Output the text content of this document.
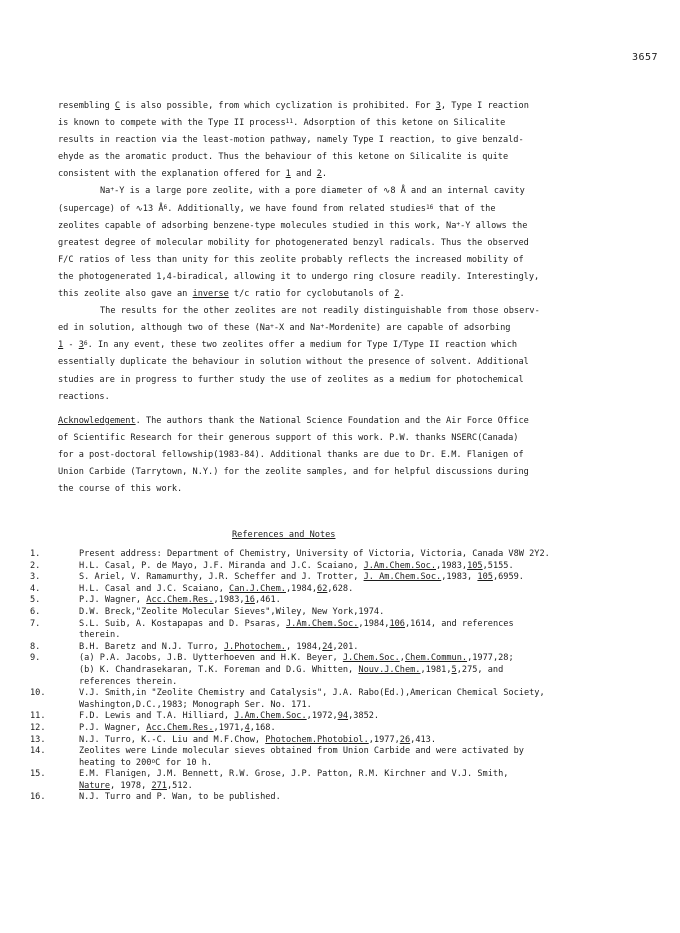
3657
resembling C is also possible, from which cyclization is prohibited. For 3, Type I reaction
is known to compete with the Type II process$^{11}$. Adsorption of this ketone on Silicalite
results in reaction via the least-motion pathway, namely Type I reaction, to give benzald-
ehyde as the aromatic product. Thus the behaviour of this ketone on Silicalite is quite
consistent with the explanation offered for 1 and 2.
Na+-Y is a large pore zeolite, with a pore diameter of ∿8 Å and an internal cavity
(supercage) of ∿13 $Å^6$. Additionally, we have found from related studies$^{16}$ that of the
zeolites capable of adsorbing benzene-type molecules studied in this work, Na+-Y allows the
greatest degree of molecular mobility for photogenerated benzyl radicals. Thus the observed
F/C ratios of less than unity for this zeolite probably reflects the increased mobility of
the photogenerated 1,4-biradical, allowing it to undergo ring closure readily. Interestingly,
this zeolite also gave an inverse t/c ratio for cyclobutanols of 2.
The results for the other zeolites are not readily distinguishable from those observ-
ed in solution, although two of these (Na+-X and Na+-Mordenite) are capable of adsorbing
$1 - 3^6$. In any event, these two zeolites offer a medium for Type I/Type II reaction which
essentially duplicate the behaviour in solution without the presence of solvent. Additional
studies are in progress to further study the use of zeolites as a medium for photochemical
reactions.
Acknowledgement. The authors thank the National Science Foundation and the Air Force Office
of Scientific Research for their generous support of this work. P.W. thanks NSERC(Canada)
for a post-doctoral fellowship(1983-84). Additional thanks are due to Dr. E.M. Flanigen of
Union Carbide (Tarrytown, N.Y.) for the zeolite samples, and for helpful discussions during
the course of this work.
References and Notes
1.	Present address: Department of Chemistry, University of Victoria, Victoria, Canada V8W 2Y2.
2.	H.L. Casal, P. de Mayo, J.F. Miranda and J.C. Scaiano, J.Am.Chem.Soc.,1983,105,5155.
3.	S. Ariel, V. Ramamurthy, J.R. Scheffer and J. Trotter, J. Am.Chem.Soc.,1983, 105,6959.
4.	H.L. Casal and J.C. Scaiano, Can.J.Chem.,1984,62,628.
5.	P.J. Wagner, Acc.Chem.Res.,1983,16,461.
6.	D.W. Breck,"Zeolite Molecular Sieves",Wiley, New York,1974.
7.	S.L. Suib, A. Kostapapas and D. Psaras, J.Am.Chem.Soc.,1984,106,1614, and references
therein.
8.	B.H. Baretz and N.J. Turro, J.Photochem., 1984,24,201.
9.	(a) P.A. Jacobs, J.B. Uytterhoeven and H.K. Beyer, J.Chem.Soc.,Chem.Commun.,1977,28;
(b) K. Chandrasekaran, T.K. Foreman and D.G. Whitten, Nouv.J.Chem.,1981,5,275, and
references therein.
10.	V.J. Smith,in "Zeolite Chemistry and Catalysis", J.A. Rabo(Ed.),American Chemical Society,
Washington,D.C.,1983; Monograph Ser. No. 171.
11.	F.D. Lewis and T.A. Hilliard, J.Am.Chem.Soc.,1972,94,3852.
12.	P.J. Wagner, Acc.Chem.Res.,1971,4,168.
13.	N.J. Turro, K.-C. Liu and M.F.Chow, Photochem.Photobiol.,1977,26,413.
14.	Zeolites were Linde molecular sieves obtained from Union Carbide and were activated by
heating to 200$^o$C for 10 h.
15.	E.M. Flanigen, J.M. Bennett, R.W. Grose, J.P. Patton, R.M. Kirchner and V.J. Smith,
Nature, 1978, 271,512.
16.	N.J. Turro and P. Wan, to be published.
